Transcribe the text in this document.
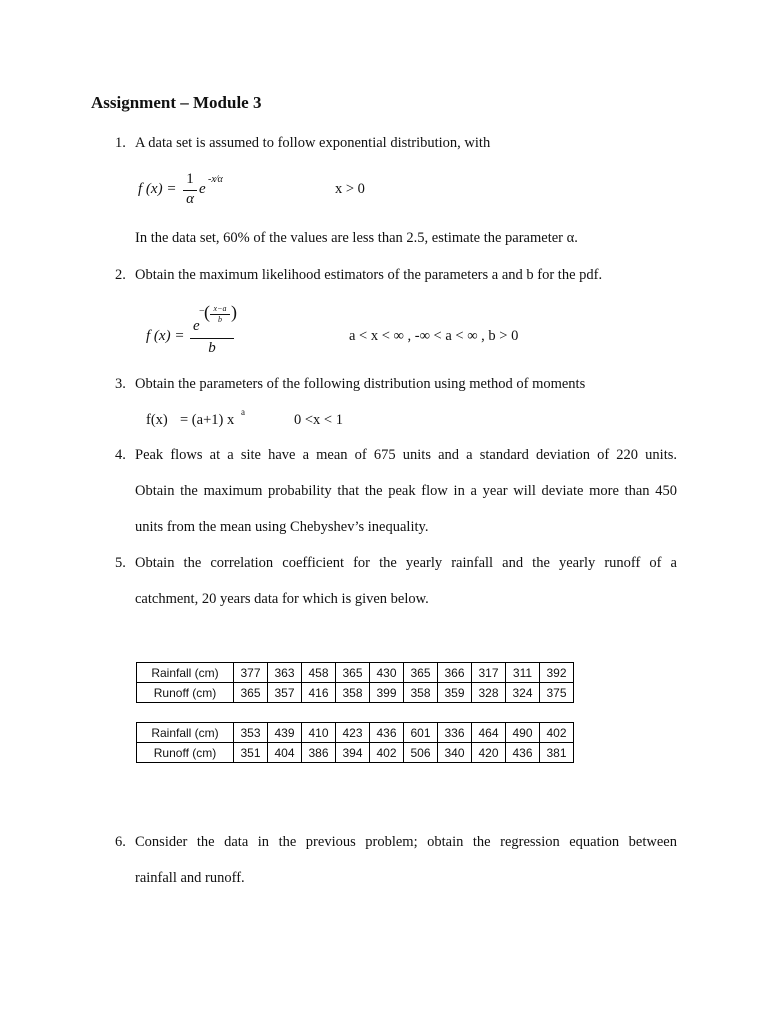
Assignment – Module 3
1. A data set is assumed to follow exponential distribution, with
f (x) =
1
α
e
-x⁄α
x > 0
In the data set, 60% of the values are less than 2.5, estimate the parameter α.
2. Obtain the maximum likelihood estimators of the parameters a and b for the pdf.
f (x) =
e
− ( x−a
b )
b
a < x < ∞ , -∞ < a < ∞ , b > 0
3. Obtain the parameters of the following distribution using method of moments
f(x) = (a+1) x a	0 <x < 1
4. Peak flows at a site have a mean of 675 units and a standard deviation of 220 units.
Obtain the maximum probability that the peak flow in a year will deviate more than 450
units from the mean using Chebyshev’s inequality.
5. Obtain the correlation coefficient for the yearly rainfall and the yearly runoff of a
catchment, 20 years data for which is given below.
Rainfall (cm)	377	363	458	365	430	365	366	317	311	392
Runoff (cm)	365	357	416	358	399	358	359	328	324	375
Rainfall (cm)	353	439	410	423	436	601	336	464	490	402
Runoff (cm)	351	404	386	394	402	506	340	420	436	381
6. Consider the data in the previous problem; obtain the regression equation between
rainfall and runoff.
